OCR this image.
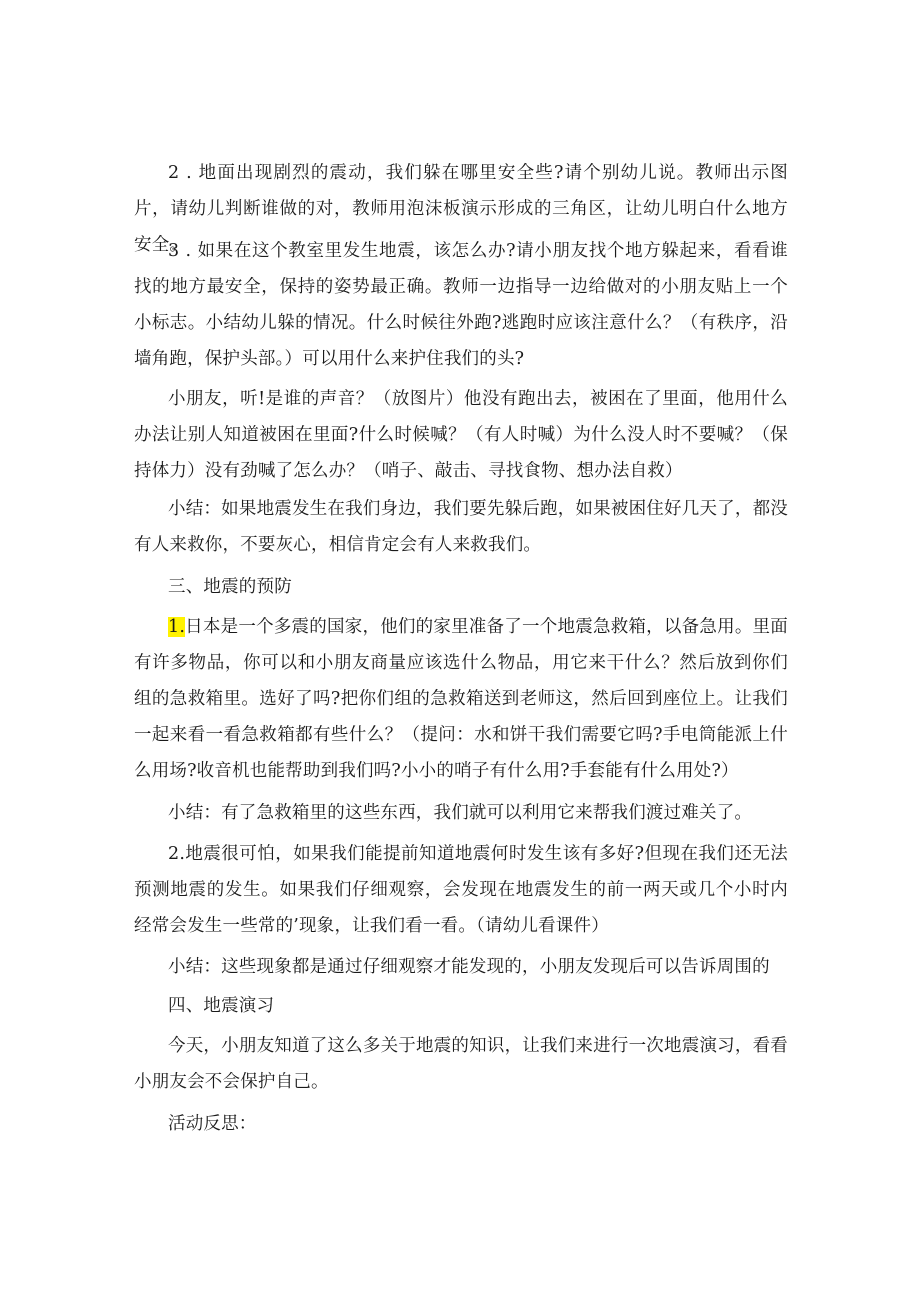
2 . 地面出现剧烈的震动，我们躲在哪里安全些?请个别幼儿说。教师出示图片，请幼儿判断谁做的对，教师用泡沫板演示形成的三角区，让幼儿明白什么地方安全。
3 . 如果在这个教室里发生地震，该怎么办?请小朋友找个地方躲起来，看看谁找的地方最安全，保持的姿势最正确。教师一边指导一边给做对的小朋友贴上一个小标志。小结幼儿躲的情况。什么时候往外跑?逃跑时应该注意什么？（有秩序，沿墙角跑，保护头部。）可以用什么来护住我们的头?
小朋友，听!是谁的声音？（放图片）他没有跑出去，被困在了里面，他用什么办法让别人知道被困在里面?什么时候喊？（有人时喊）为什么没人时不要喊？（保持体力）没有劲喊了怎么办？（哨子、敲击、寻找食物、想办法自救）
小结：如果地震发生在我们身边，我们要先躲后跑，如果被困住好几天了，都没有人来救你，不要灰心，相信肯定会有人来救我们。
三、地震的预防
1.日本是一个多震的国家，他们的家里准备了一个地震急救箱，以备急用。里面有许多物品，你可以和小朋友商量应该选什么物品，用它来干什么？然后放到你们组的急救箱里。选好了吗?把你们组的急救箱送到老师这，然后回到座位上。让我们一起来看一看急救箱都有些什么？（提问：水和饼干我们需要它吗?手电筒能派上什么用场?收音机也能帮助到我们吗?小小的哨子有什么用?手套能有什么用处?）
小结：有了急救箱里的这些东西，我们就可以利用它来帮我们渡过难关了。
2.地震很可怕，如果我们能提前知道地震何时发生该有多好?但现在我们还无法预测地震的发生。如果我们仔细观察，会发现在地震发生的前一两天或几个小时内经常会发生一些常的’现象，让我们看一看。（请幼儿看课件）
小结：这些现象都是通过仔细观察才能发现的，小朋友发现后可以告诉周围的
四、地震演习
今天，小朋友知道了这么多关于地震的知识，让我们来进行一次地震演习，看看小朋友会不会保护自己。
活动反思：
